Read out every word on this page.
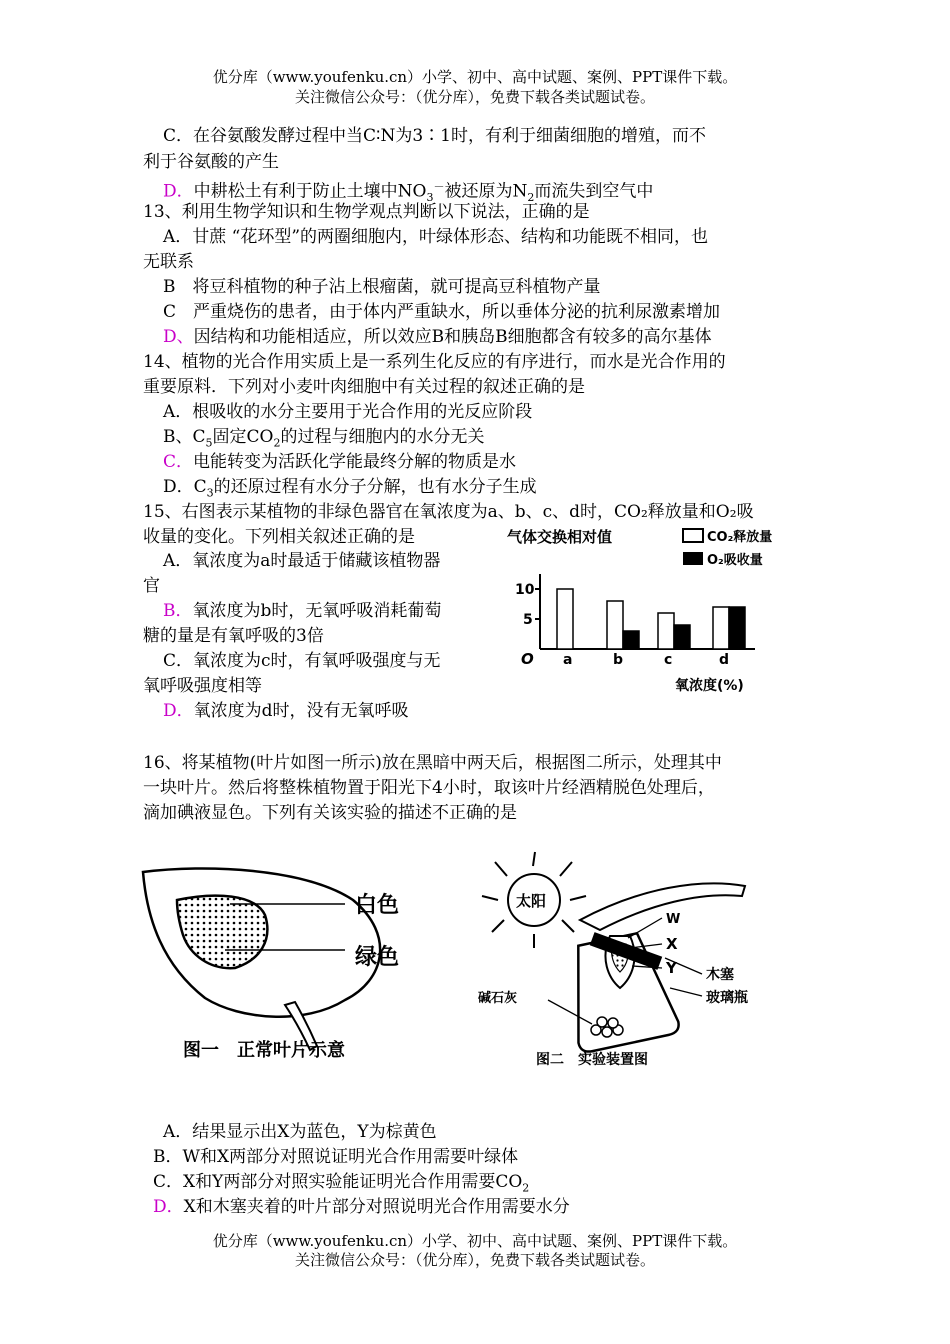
优分库（www.youfenku.cn）小学、初中、高中试题、案例、PPT课件下载。
关注微信公众号：（优分库），免费下载各类试题试卷。
C．在谷氨酸发酵过程中当C∶N为3∶1时，有利于细菌细胞的增殖，而不
利于谷氨酸的产生
D．中耕松土有利于防止土壤中$NO_3^-$被还原为$N_2$而流失到空气中
13、利用生物学知识和生物学观点判断以下说法，正确的是
A．甘蔗 “花环型”的两圈细胞内，叶绿体形态、结构和功能既不相同，也
无联系
B　将豆科植物的种子沾上根瘤菌，就可提高豆科植物产量
C　严重烧伤的患者，由于体内严重缺水，所以垂体分泌的抗利尿激素增加
D、因结构和功能相适应，所以效应B和胰岛B细胞都含有较多的高尔基体
14、植物的光合作用实质上是一系列生化反应的有序进行，而水是光合作用的
重要原料．下列对小麦叶肉细胞中有关过程的叙述正确的是
A．根吸收的水分主要用于光合作用的光反应阶段
B、$C_5$固定$CO_2$的过程与细胞内的水分无关
C．电能转变为活跃化学能最终分解的物质是水
D．$C_3$的还原过程有水分子分解，也有水分子生成
15、右图表示某植物的非绿色器官在氧浓度为a、b、c、d时，CO₂释放量和O₂吸
收量的变化。下列相关叙述正确的是
A．氧浓度为a时最适于储藏该植物器
官
B．氧浓度为b时，无氧呼吸消耗葡萄
糖的量是有氧呼吸的3倍
C．氧浓度为c时，有氧呼吸强度与无
氧呼吸强度相等
D．氧浓度为d时，没有无氧呼吸
气体交换相对值	CO₂释放量
O₂吸收量
10
5
O a	b	c	d
氧浓度(%)
16、将某植物(叶片如图一所示)放在黑暗中两天后，根据图二所示，处理其中
一块叶片。然后将整株植物置于阳光下4小时，取该叶片经酒精脱色处理后，
滴加碘液显色。下列有关该实验的描述不正确的是
白色
绿色
图一　正常叶片示意
太阳
W
X
Y 木塞
玻璃瓶
碱石灰
图二　实验装置图
A．结果显示出X为蓝色，Y为棕黄色
B．W和X两部分对照说证明光合作用需要叶绿体
C．X和Y两部分对照实验能证明光合作用需要$CO_2$
D．X和木塞夹着的叶片部分对照说明光合作用需要水分
优分库（www.youfenku.cn）小学、初中、高中试题、案例、PPT课件下载。
关注微信公众号：（优分库），免费下载各类试题试卷。
